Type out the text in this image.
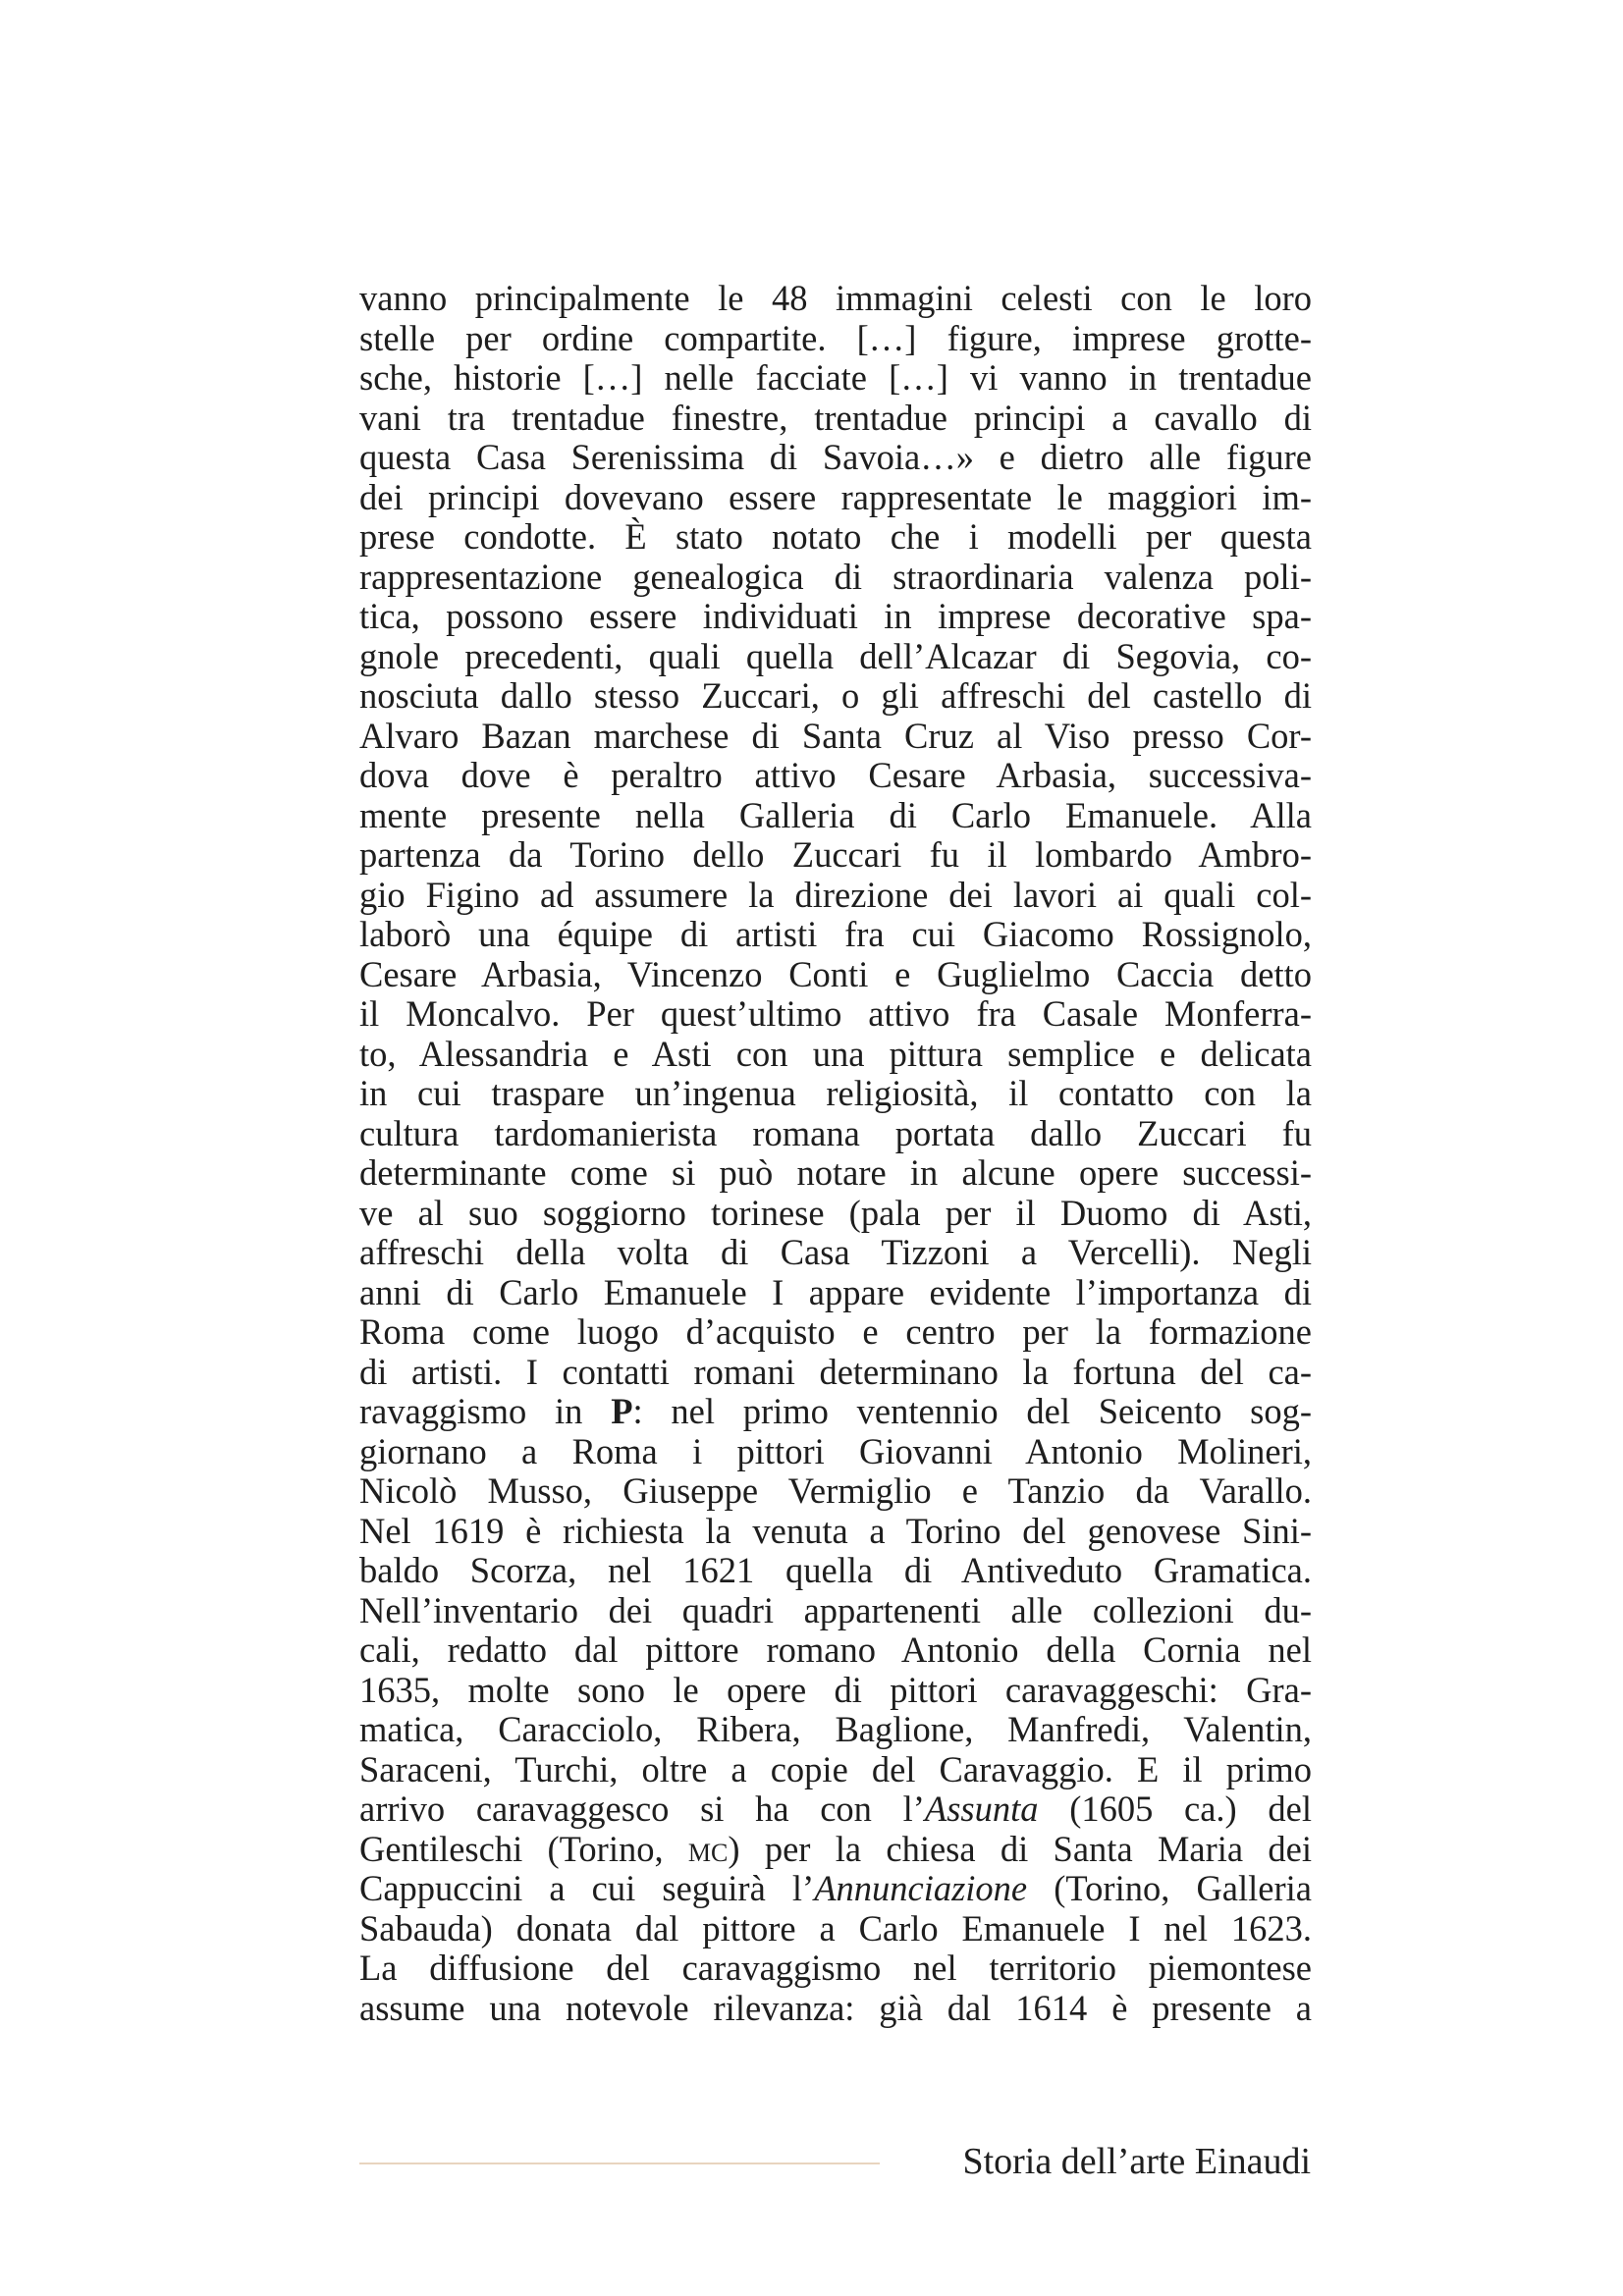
vanno principalmente le 48 immagini celesti con le loro
stelle per ordine compartite. […] figure, imprese grotte-
sche, historie […] nelle facciate […] vi vanno in trentadue
vani tra trentadue finestre, trentadue principi a cavallo di
questa Casa Serenissima di Savoia…» e dietro alle figure
dei principi dovevano essere rappresentate le maggiori im-
prese condotte. È stato notato che i modelli per questa
rappresentazione genealogica di straordinaria valenza poli-
tica, possono essere individuati in imprese decorative spa-
gnole precedenti, quali quella dell’Alcazar di Segovia, co-
nosciuta dallo stesso Zuccari, o gli affreschi del castello di
Alvaro Bazan marchese di Santa Cruz al Viso presso Cor-
dova dove è peraltro attivo Cesare Arbasia, successiva-
mente presente nella Galleria di Carlo Emanuele. Alla
partenza da Torino dello Zuccari fu il lombardo Ambro-
gio Figino ad assumere la direzione dei lavori ai quali col-
laborò una équipe di artisti fra cui Giacomo Rossignolo,
Cesare Arbasia, Vincenzo Conti e Guglielmo Caccia detto
il Moncalvo. Per quest’ultimo attivo fra Casale Monferra-
to, Alessandria e Asti con una pittura semplice e delicata
in cui traspare un’ingenua religiosità, il contatto con la
cultura tardomanierista romana portata dallo Zuccari fu
determinante come si può notare in alcune opere successi-
ve al suo soggiorno torinese (pala per il Duomo di Asti,
affreschi della volta di Casa Tizzoni a Vercelli). Negli
anni di Carlo Emanuele I appare evidente l’importanza di
Roma come luogo d’acquisto e centro per la formazione
di artisti. I contatti romani determinano la fortuna del ca-
ravaggismo in P: nel primo ventennio del Seicento sog-
giornano a Roma i pittori Giovanni Antonio Molineri,
Nicolò Musso, Giuseppe Vermiglio e Tanzio da Varallo.
Nel 1619 è richiesta la venuta a Torino del genovese Sini-
baldo Scorza, nel 1621 quella di Antiveduto Gramatica.
Nell’inventario dei quadri appartenenti alle collezioni du-
cali, redatto dal pittore romano Antonio della Cornia nel
1635, molte sono le opere di pittori caravaggeschi: Gra-
matica, Caracciolo, Ribera, Baglione, Manfredi, Valentin,
Saraceni, Turchi, oltre a copie del Caravaggio. E il primo
arrivo caravaggesco si ha con l’Assunta (1605 ca.) del
Gentileschi (Torino, mc) per la chiesa di Santa Maria dei
Cappuccini a cui seguirà l’Annunciazione (Torino, Galleria
Sabauda) donata dal pittore a Carlo Emanuele I nel 1623.
La diffusione del caravaggismo nel territorio piemontese
assume una notevole rilevanza: già dal 1614 è presente a
Storia dell’arte Einaudi
